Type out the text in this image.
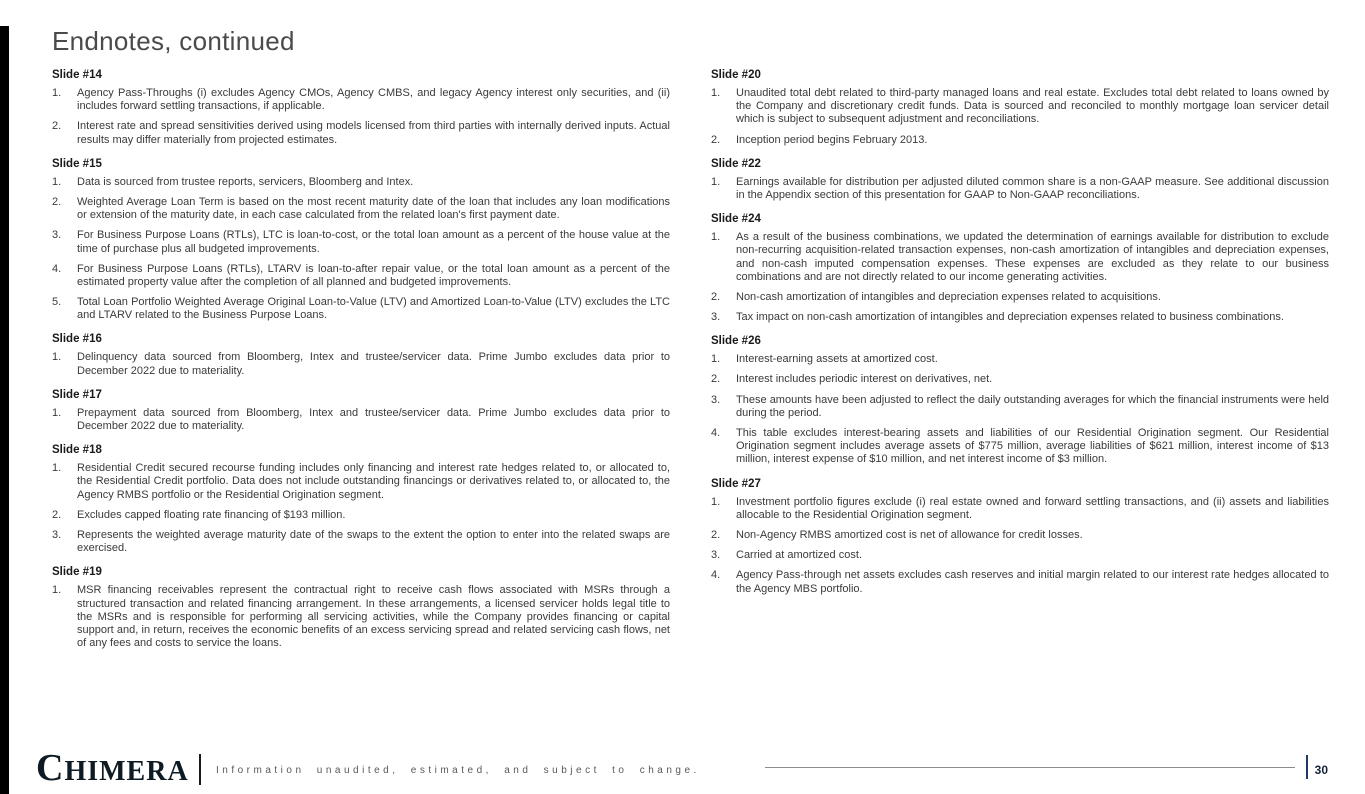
Endnotes, continued
Slide #14
Agency Pass-Throughs (i) excludes Agency CMOs, Agency CMBS, and legacy Agency interest only securities, and (ii) includes forward settling transactions, if applicable.
Interest rate and spread sensitivities derived using models licensed from third parties with internally derived inputs. Actual results may differ materially from projected estimates.
Slide #15
Data is sourced from trustee reports, servicers, Bloomberg and Intex.
Weighted Average Loan Term is based on the most recent maturity date of the loan that includes any loan modifications or extension of the maturity date, in each case calculated from the related loan's first payment date.
For Business Purpose Loans (RTLs), LTC is loan-to-cost, or the total loan amount as a percent of the house value at the time of purchase plus all budgeted improvements.
For Business Purpose Loans (RTLs), LTARV is loan-to-after repair value, or the total loan amount as a percent of the estimated property value after the completion of all planned and budgeted improvements.
Total Loan Portfolio Weighted Average Original Loan-to-Value (LTV) and Amortized Loan-to-Value (LTV) excludes the LTC and LTARV related to the Business Purpose Loans.
Slide #16
Delinquency data sourced from Bloomberg, Intex and trustee/servicer data. Prime Jumbo excludes data prior to December 2022 due to materiality.
Slide #17
Prepayment data sourced from Bloomberg, Intex and trustee/servicer data. Prime Jumbo excludes data prior to December 2022 due to materiality.
Slide #18
Residential Credit secured recourse funding includes only financing and interest rate hedges related to, or allocated to, the Residential Credit portfolio. Data does not include outstanding financings or derivatives related to, or allocated to, the Agency RMBS portfolio or the Residential Origination segment.
Excludes capped floating rate financing of $193 million.
Represents the weighted average maturity date of the swaps to the extent the option to enter into the related swaps are exercised.
Slide #19
MSR financing receivables represent the contractual right to receive cash flows associated with MSRs through a structured transaction and related financing arrangement. In these arrangements, a licensed servicer holds legal title to the MSRs and is responsible for performing all servicing activities, while the Company provides financing or capital support and, in return, receives the economic benefits of an excess servicing spread and related servicing cash flows, net of any fees and costs to service the loans.
Slide #20
Unaudited total debt related to third-party managed loans and real estate. Excludes total debt related to loans owned by the Company and discretionary credit funds. Data is sourced and reconciled to monthly mortgage loan servicer detail which is subject to subsequent adjustment and reconciliations.
Inception period begins February 2013.
Slide #22
Earnings available for distribution per adjusted diluted common share is a non-GAAP measure. See additional discussion in the Appendix section of this presentation for GAAP to Non-GAAP reconciliations.
Slide #24
As a result of the business combinations, we updated the determination of earnings available for distribution to exclude non-recurring acquisition-related transaction expenses, non-cash amortization of intangibles and depreciation expenses, and non-cash imputed compensation expenses. These expenses are excluded as they relate to our business combinations and are not directly related to our income generating activities.
Non-cash amortization of intangibles and depreciation expenses related to acquisitions.
Tax impact on non-cash amortization of intangibles and depreciation expenses related to business combinations.
Slide #26
Interest-earning assets at amortized cost.
Interest includes periodic interest on derivatives, net.
These amounts have been adjusted to reflect the daily outstanding averages for which the financial instruments were held during the period.
This table excludes interest-bearing assets and liabilities of our Residential Origination segment. Our Residential Origination segment includes average assets of $775 million, average liabilities of $621 million, interest income of $13 million, interest expense of $10 million, and net interest income of $3 million.
Slide #27
Investment portfolio figures exclude (i) real estate owned and forward settling transactions, and (ii) assets and liabilities allocable to the Residential Origination segment.
Non-Agency RMBS amortized cost is net of allowance for credit losses.
Carried at amortized cost.
Agency Pass-through net assets excludes cash reserves and initial margin related to our interest rate hedges allocated to the Agency MBS portfolio.
CHIMERA	Information unaudited, estimated, and subject to change.	30
